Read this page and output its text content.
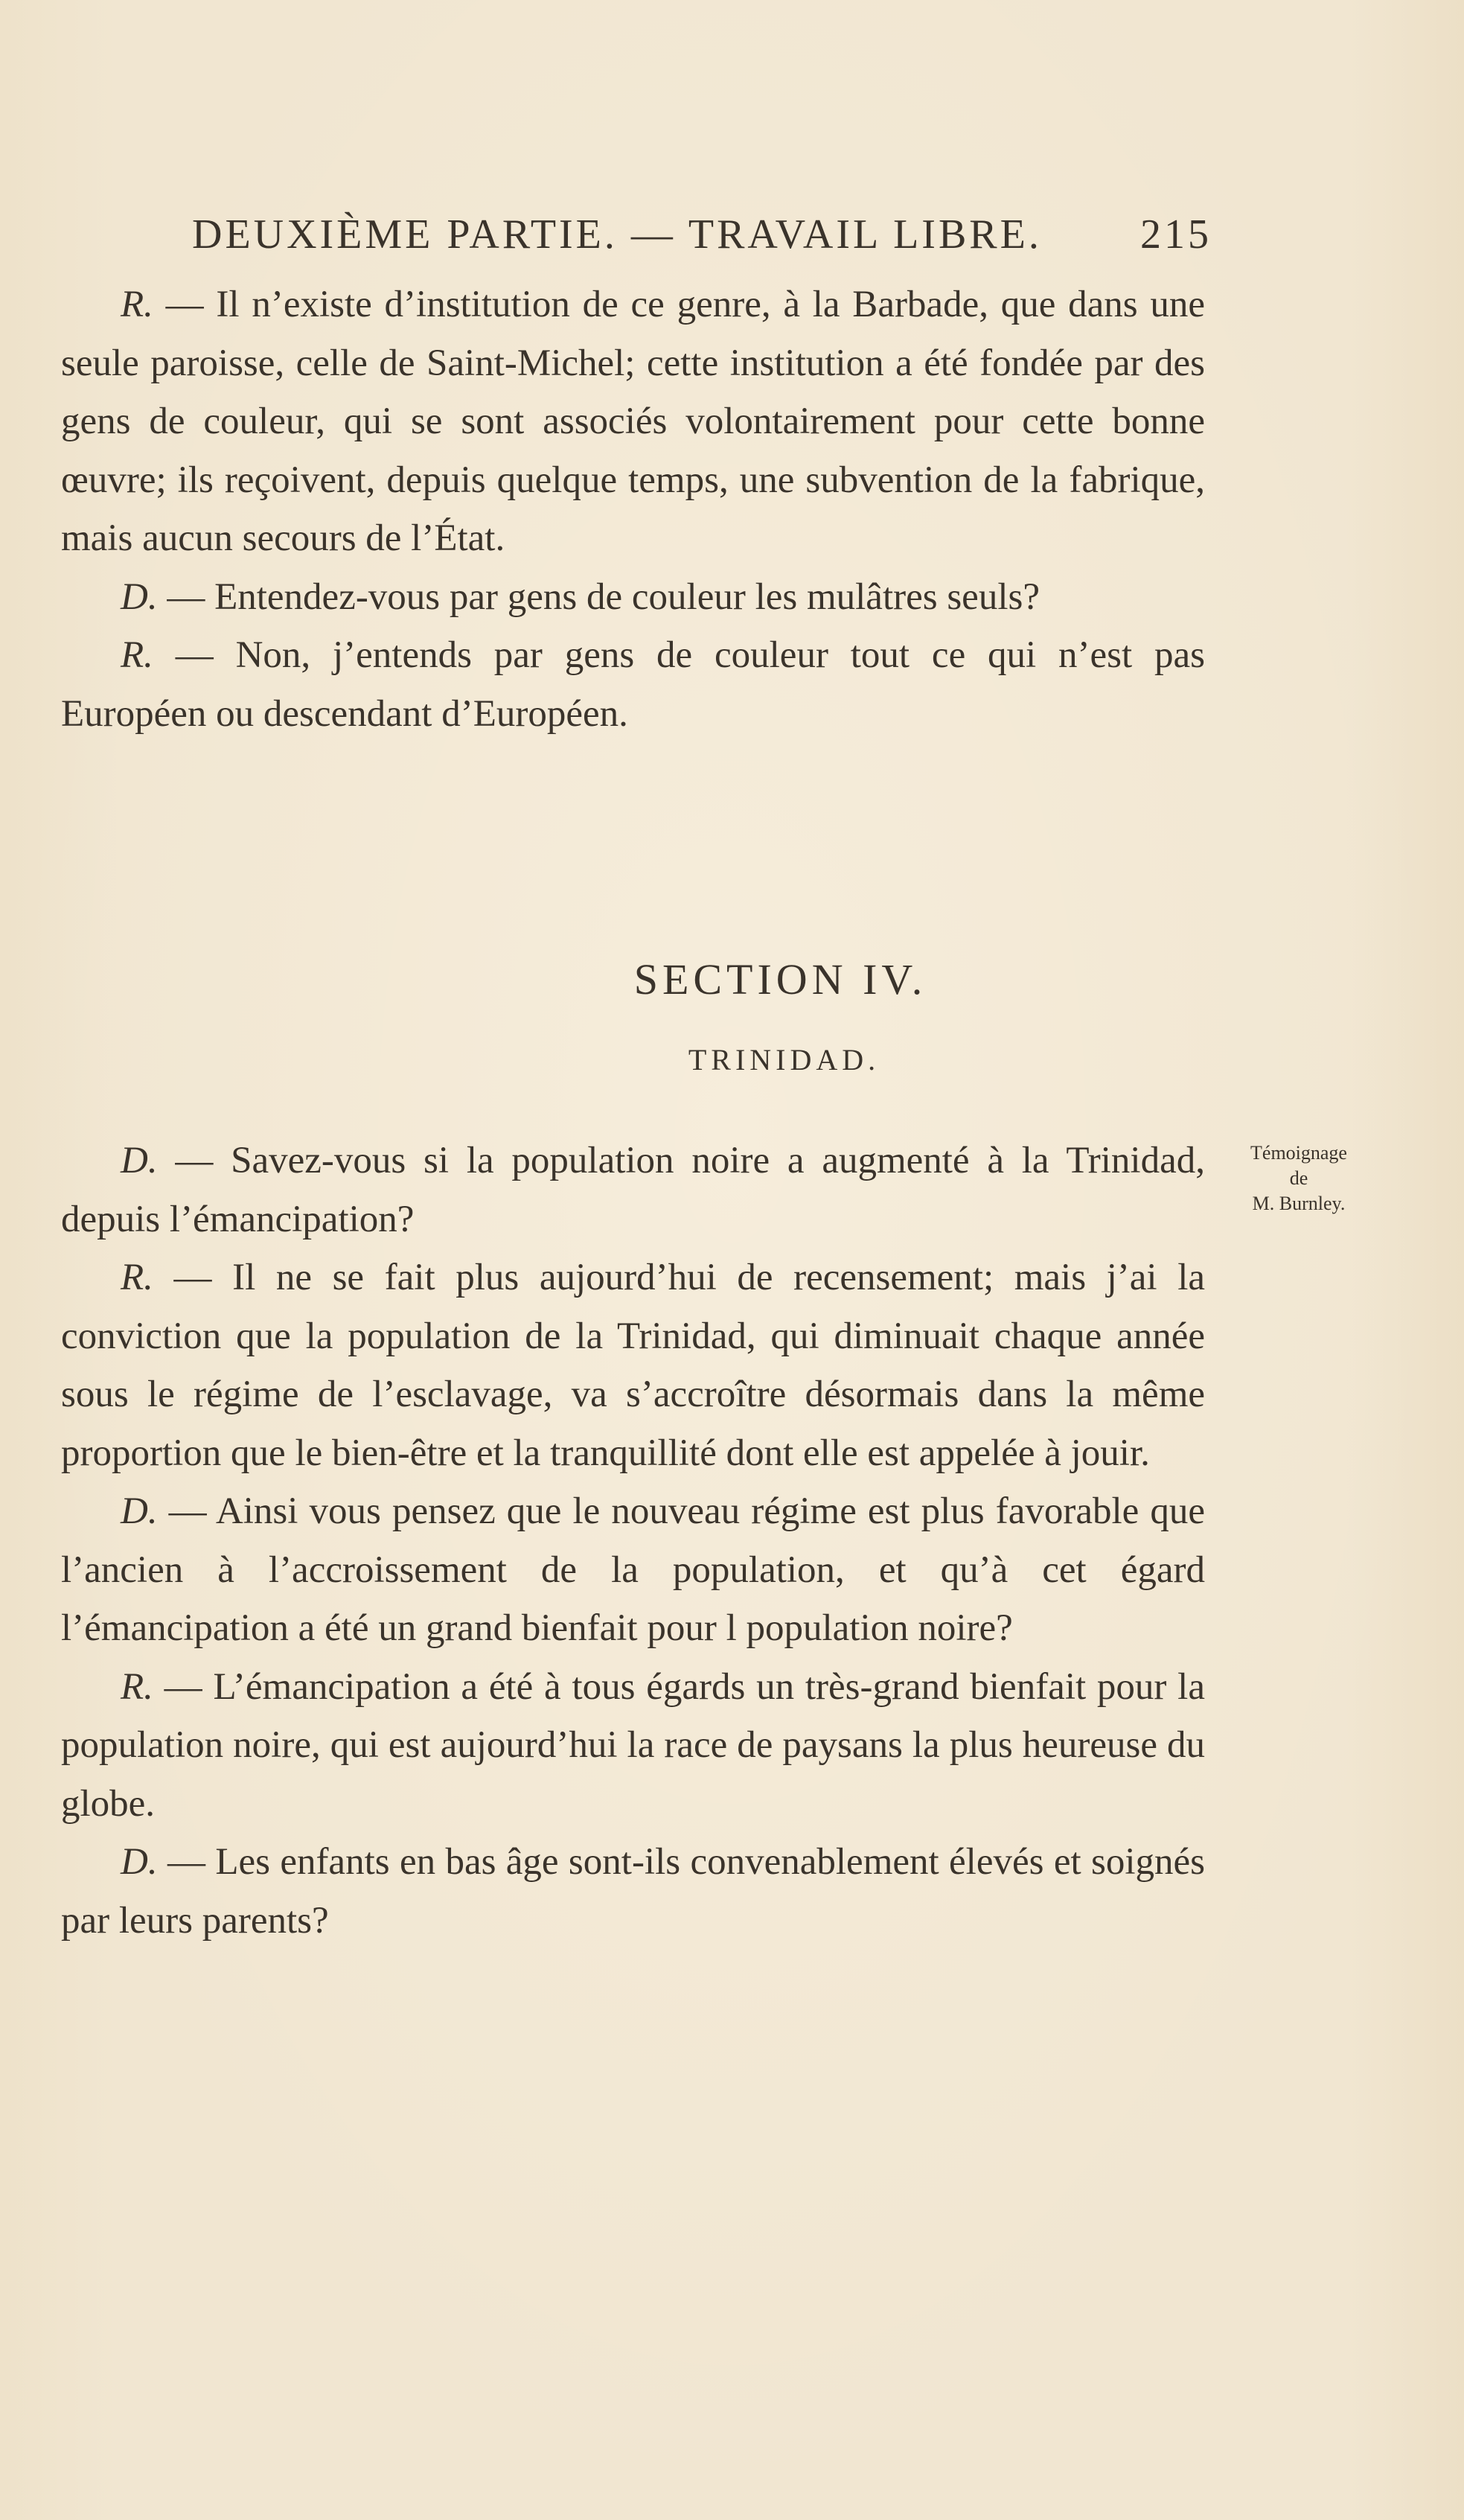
DEUXIÈME PARTIE. — TRAVAIL LIBRE. 215

R. — Il n’existe d’institution de ce genre, à la Barbade, que dans une seule paroisse, celle de Saint-Michel; cette institution a été fondée par des gens de couleur, qui se sont associés volontairement pour cette bonne œuvre; ils reçoivent, depuis quelque temps, une subvention de la fabrique, mais aucun secours de l’État.

D. — Entendez-vous par gens de couleur les mulâtres seuls?

R. — Non, j’entends par gens de couleur tout ce qui n’est pas Européen ou descendant d’Européen.

SECTION IV.
TRINIDAD.
Témoignage
de
M. Burnley.

D. — Savez-vous si la population noire a augmenté à la Trinidad, depuis l’émancipation?

R. — Il ne se fait plus aujourd’hui de recensement; mais j’ai la conviction que la population de la Trinidad, qui diminuait chaque année sous le régime de l’esclavage, va s’accroître désormais dans la même proportion que le bien-être et la tranquillité dont elle est appelée à jouir.

D. — Ainsi vous pensez que le nouveau régime est plus favorable que l’ancien à l’accroissement de la population, et qu’à cet égard l’émancipation a été un grand bienfait pour l population noire?

R. — L’émancipation a été à tous égards un très-grand bienfait pour la population noire, qui est aujourd’hui la race de paysans la plus heureuse du globe.

D. — Les enfants en bas âge sont-ils convenablement élevés et soignés par leurs parents?
